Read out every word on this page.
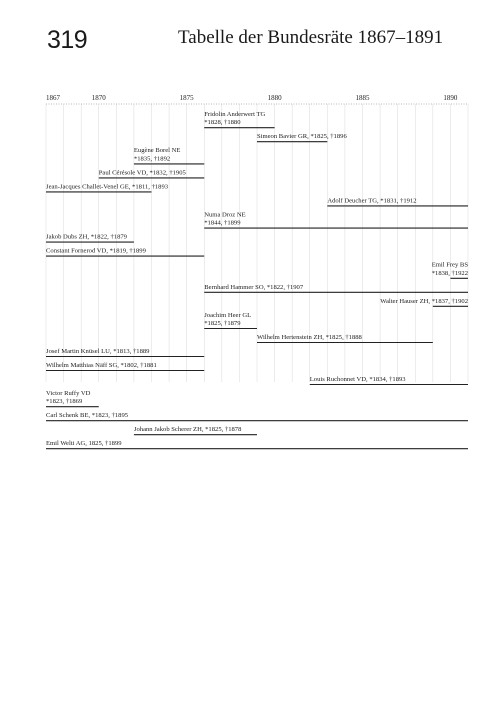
319	Tabelle der Bundesräte 1867–1891
1867	1870	1875	1880	1885	1890
Fridolin Anderwert TG
*1828, †1880
Simeon Bavier GR, *1825, †1896
Eugène Borel NE
*1835, †1892
Paul Cérésole VD, *1832, †1905
Jean-Jacques Challet-Venel GE, *1811, †1893
Adolf Deucher TG, *1831, †1912
Numa Droz NE
*1844, †1899
Jakob Dubs ZH, *1822, †1879
Constant Fornerod VD, *1819, †1899
Emil Frey BS
*1838, †1922
Bernhard Hammer SO, *1822, †1907
Walter Hauser ZH, *1837, †1902
Joachim Heer GL
*1825, †1879
Wilhelm Hertenstein ZH, *1825, †1888
Josef Martin Knüsel LU, *1813, †1889
Wilhelm Matthias Näff SG, *1802, †1881
Louis Ruchonnet VD, *1834, †1893
Victor Ruffy VD
*1823, †1869
Carl Schenk BE, *1823, †1895
Johann Jakob Scherer ZH, *1825, †1878
Emil Welti AG, 1825, †1899
